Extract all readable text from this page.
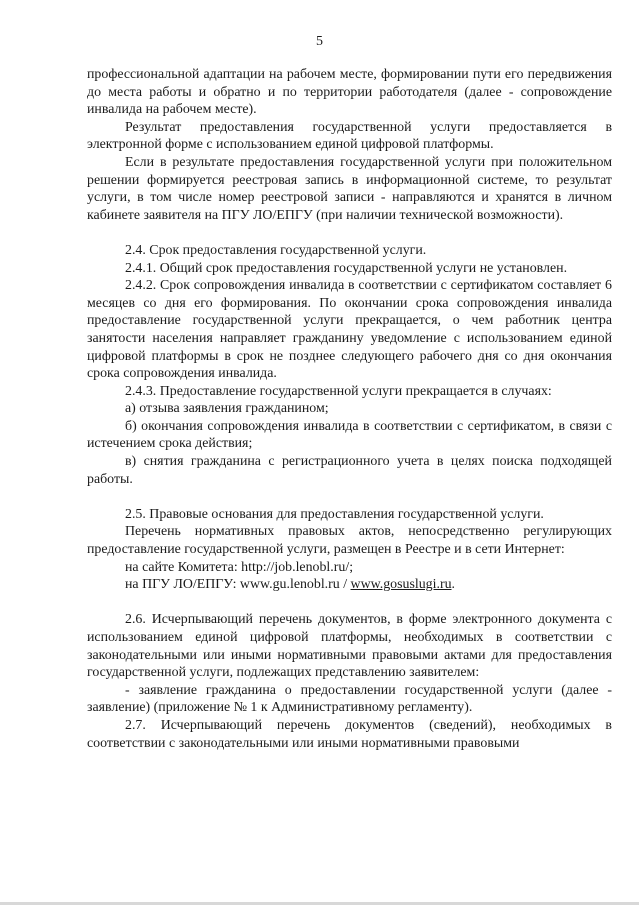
5

профессиональной адаптации на рабочем месте, формировании пути его передвижения до места работы и обратно и по территории работодателя (далее - сопровождение инвалида на рабочем месте).

Результат предоставления государственной услуги предоставляется в электронной форме с использованием единой цифровой платформы.

Если в результате предоставления государственной услуги при положительном решении формируется реестровая запись в информационной системе, то результат услуги, в том числе номер реестровой записи - направляются и хранятся в личном кабинете заявителя на ПГУ ЛО/ЕПГУ (при наличии технической возможности).

2.4. Срок предоставления государственной услуги.

2.4.1. Общий срок предоставления государственной услуги не установлен.

2.4.2. Срок сопровождения инвалида в соответствии с сертификатом составляет 6 месяцев со дня его формирования. По окончании срока сопровождения инвалида предоставление государственной услуги прекращается, о чем работник центра занятости населения направляет гражданину уведомление с использованием единой цифровой платформы в срок не позднее следующего рабочего дня со дня окончания срока сопровождения инвалида.

2.4.3. Предоставление государственной услуги прекращается в случаях:

а) отзыва заявления гражданином;

б) окончания сопровождения инвалида в соответствии с сертификатом, в связи с истечением срока действия;

в) снятия гражданина с регистрационного учета в целях поиска подходящей работы.

2.5. Правовые основания для предоставления государственной услуги.

Перечень нормативных правовых актов, непосредственно регулирующих предоставление государственной услуги, размещен в Реестре и в сети Интернет:

на сайте Комитета: http://job.lenobl.ru/;

на ПГУ ЛО/ЕПГУ: www.gu.lenobl.ru / www.gosuslugi.ru.

2.6. Исчерпывающий перечень документов, в форме электронного документа с использованием единой цифровой платформы, необходимых в соответствии с законодательными или иными нормативными правовыми актами для предоставления государственной услуги, подлежащих представлению заявителем:

- заявление гражданина о предоставлении государственной услуги (далее - заявление) (приложение № 1 к Административному регламенту).

2.7. Исчерпывающий перечень документов (сведений), необходимых в соответствии с законодательными или иными нормативными правовыми
